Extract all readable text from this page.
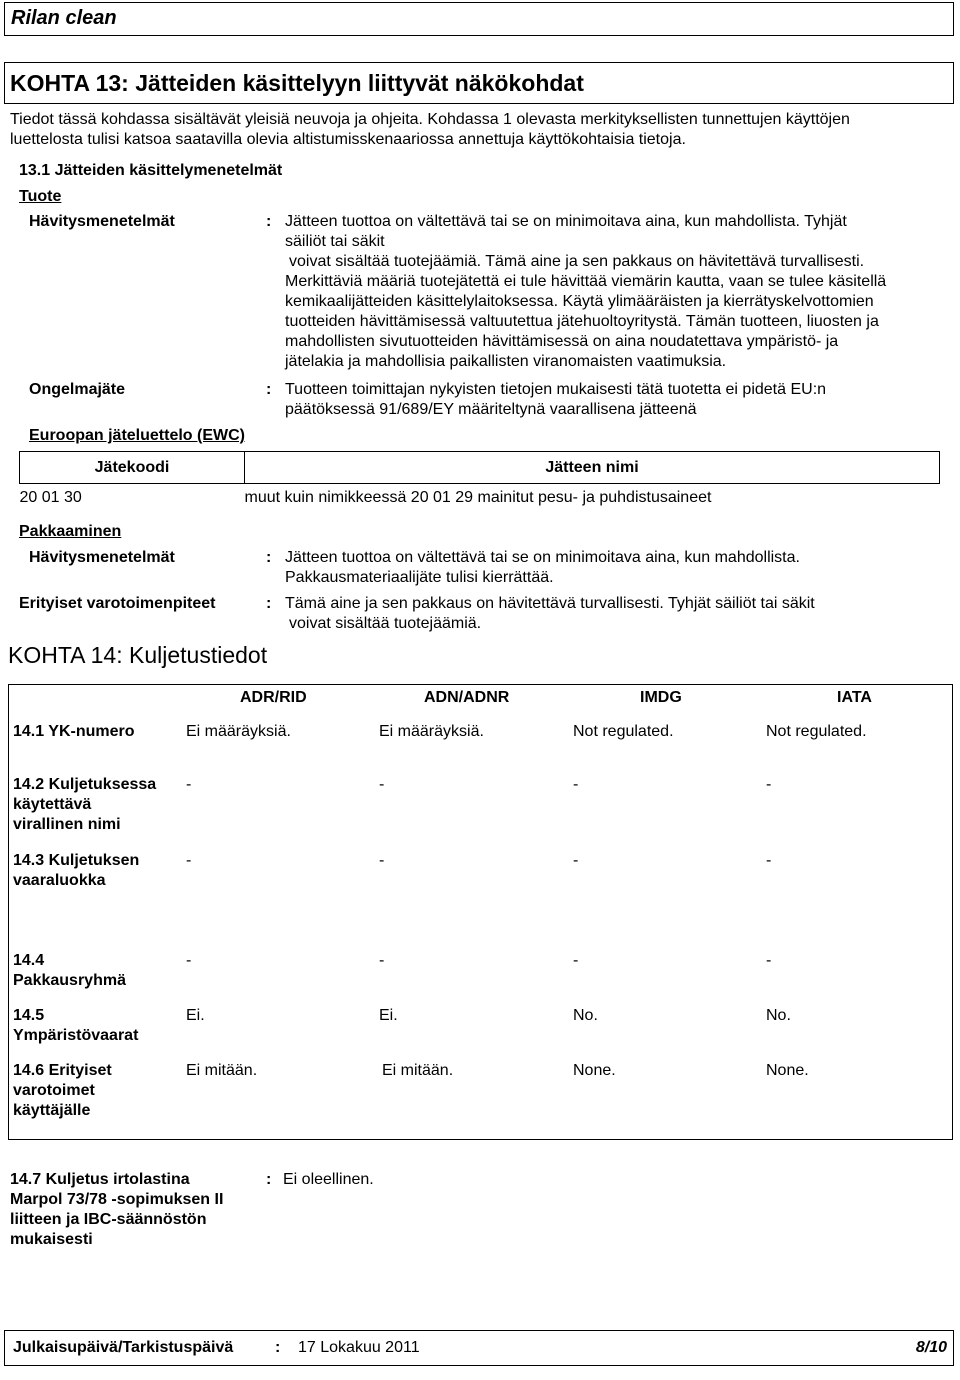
Rilan clean
KOHTA 13: Jätteiden käsittelyyn liittyvät näkökohdat
Tiedot tässä kohdassa sisältävät yleisiä neuvoja ja ohjeita. Kohdassa 1 olevasta merkityksellisten tunnettujen käyttöjen
luettelosta tulisi katsoa saatavilla olevia altistumisskenaariossa annettuja käyttökohtaisia tietoja.
13.1 Jätteiden käsittelymenetelmät
Tuote
Hävitysmenetelmät	: Jätteen tuottoa on vältettävä tai se on minimoitava aina, kun mahdollista. Tyhjät
säiliöt tai säkit
voivat sisältää tuotejäämiä. Tämä aine ja sen pakkaus on hävitettävä turvallisesti.
Merkittäviä määriä tuotejätettä ei tule hävittää viemärin kautta, vaan se tulee käsitellä
kemikaalijätteiden käsittelylaitoksessa. Käytä ylimääräisten ja kierrätyskelvottomien
tuotteiden hävittämisessä valtuutettua jätehuoltoyritystä. Tämän tuotteen, liuosten ja
mahdollisten sivutuotteiden hävittämisessä on aina noudatettava ympäristö- ja
jätelakia ja mahdollisia paikallisten viranomaisten vaatimuksia.
Ongelmajäte	: Tuotteen toimittajan nykyisten tietojen mukaisesti tätä tuotetta ei pidetä EU:n
päätöksessä 91/689/EY määriteltynä vaarallisena jätteenä
Euroopan jäteluettelo (EWC)
Jätekoodi	Jätteen nimi
20 01 30	muut kuin nimikkeessä 20 01 29 mainitut pesu- ja puhdistusaineet
Pakkaaminen
Hävitysmenetelmät	: Jätteen tuottoa on vältettävä tai se on minimoitava aina, kun mahdollista.
Pakkausmateriaalijäte tulisi kierrättää.
Erityiset varotoimenpiteet	: Tämä aine ja sen pakkaus on hävitettävä turvallisesti. Tyhjät säiliöt tai säkit
voivat sisältää tuotejäämiä.
KOHTA 14: Kuljetustiedot
ADR/RID	ADN/ADNR	IMDG	IATA
14.1 YK-numero	Ei määräyksiä.	Ei määräyksiä.	Not regulated.	Not regulated.
14.2 Kuljetuksessa
käytettävä
virallinen nimi
-	-	-	-
14.3 Kuljetuksen
vaaraluokka
-	-	-	-
14.4
Pakkausryhmä
-	-	-	-
14.5
Ympäristövaarat
Ei.	Ei.	No.	No.
14.6 Erityiset
varotoimet
käyttäjälle
Ei mitään.	Ei mitään.	None.	None.
14.7 Kuljetus irtolastina
Marpol 73/78 -sopimuksen II
liitteen ja IBC-säännöstön
mukaisesti
: Ei oleellinen.
Julkaisupäivä/Tarkistuspäivä	: 17 Lokakuu 2011	8/10
